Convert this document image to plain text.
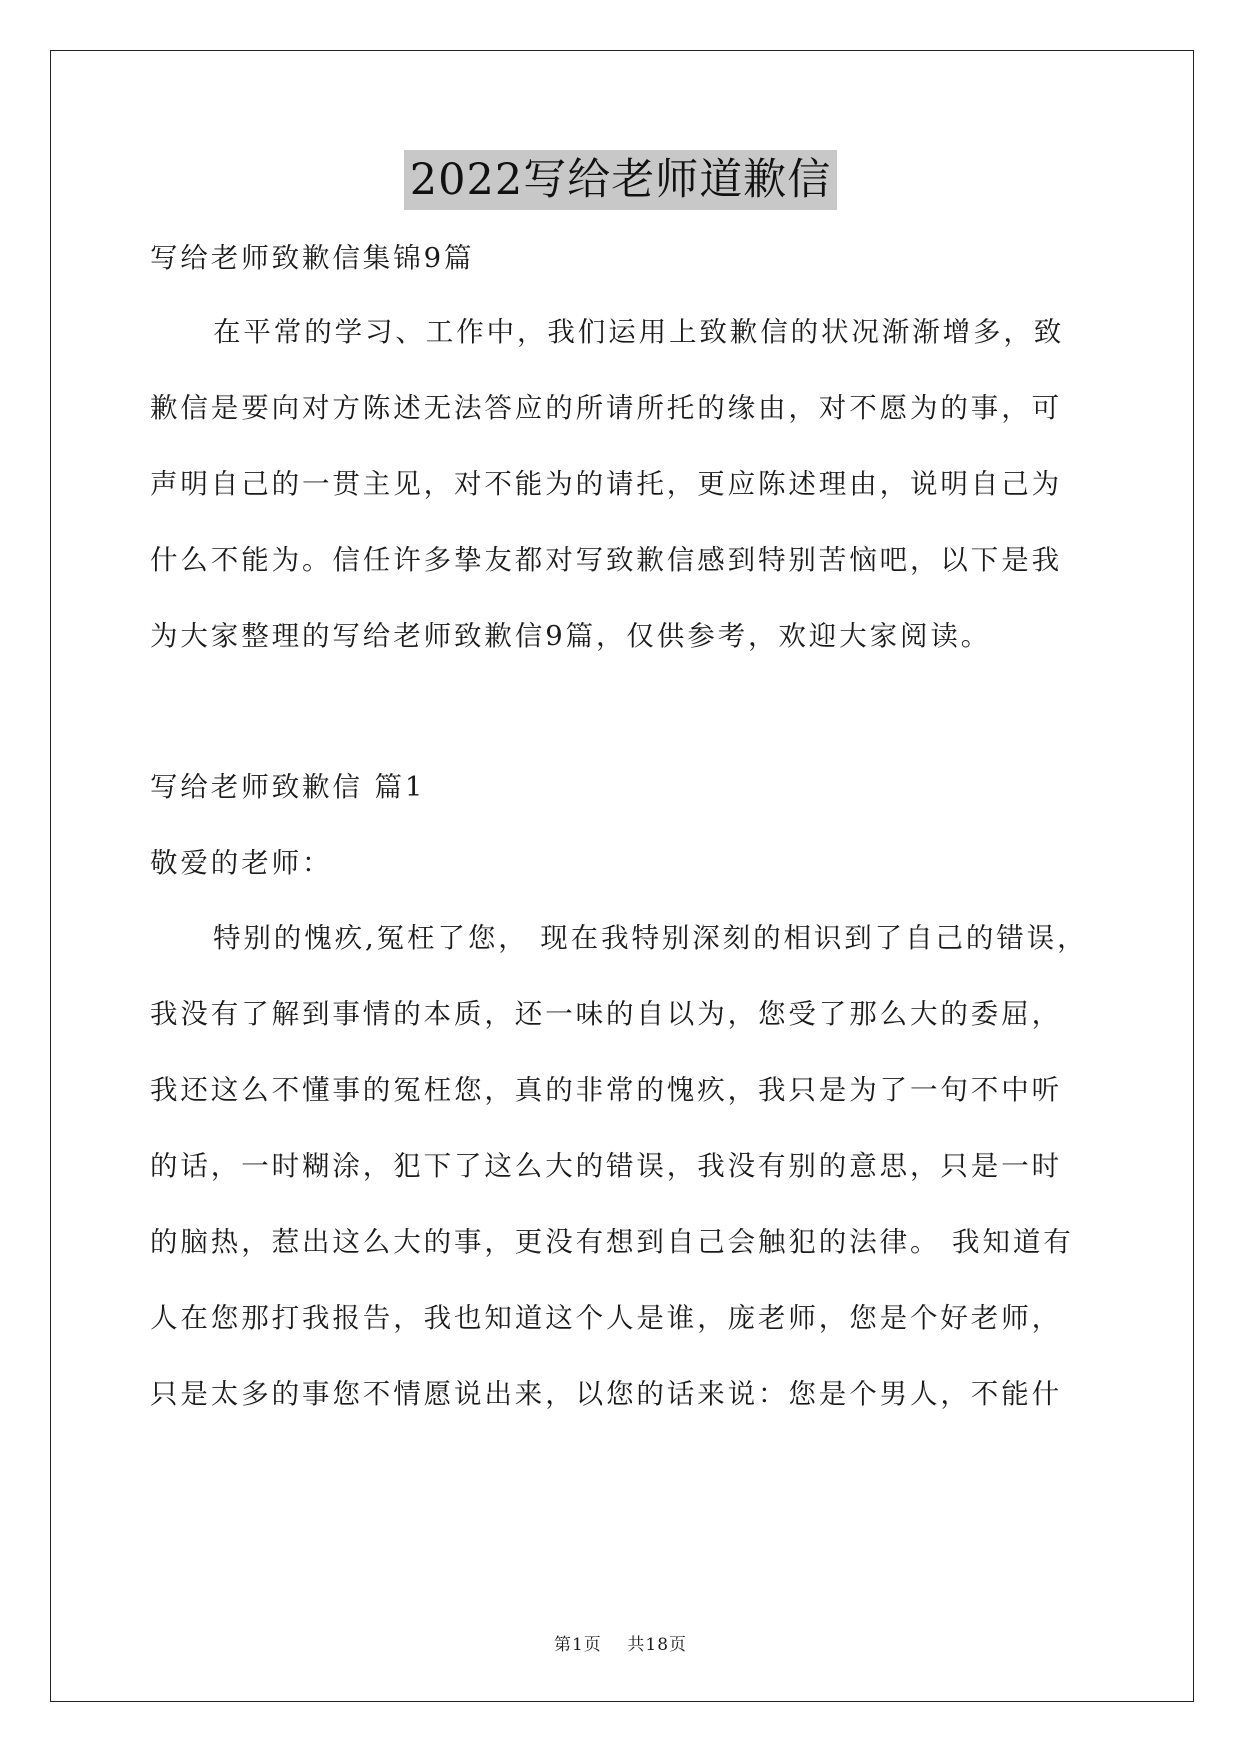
2022写给老师道歉信
写给老师致歉信集锦9篇
在平常的学习、工作中，我们运用上致歉信的状况渐渐增多，致
歉信是要向对方陈述无法答应的所请所托的缘由，对不愿为的事，可
声明自己的一贯主见，对不能为的请托，更应陈述理由，说明自己为
什么不能为。信任许多挚友都对写致歉信感到特别苦恼吧，以下是我
为大家整理的写给老师致歉信9篇，仅供参考，欢迎大家阅读。
写给老师致歉信 篇1
敬爱的老师：
特别的愧疚,冤枉了您， 现在我特别深刻的相识到了自己的错误，
我没有了解到事情的本质，还一味的自以为，您受了那么大的委屈，
我还这么不懂事的冤枉您，真的非常的愧疚，我只是为了一句不中听
的话，一时糊涂，犯下了这么大的错误，我没有别的意思，只是一时
的脑热，惹出这么大的事，更没有想到自己会触犯的法律。 我知道有
人在您那打我报告，我也知道这个人是谁，庞老师，您是个好老师，
只是太多的事您不情愿说出来，以您的话来说：您是个男人，不能什
第1页 共18页
